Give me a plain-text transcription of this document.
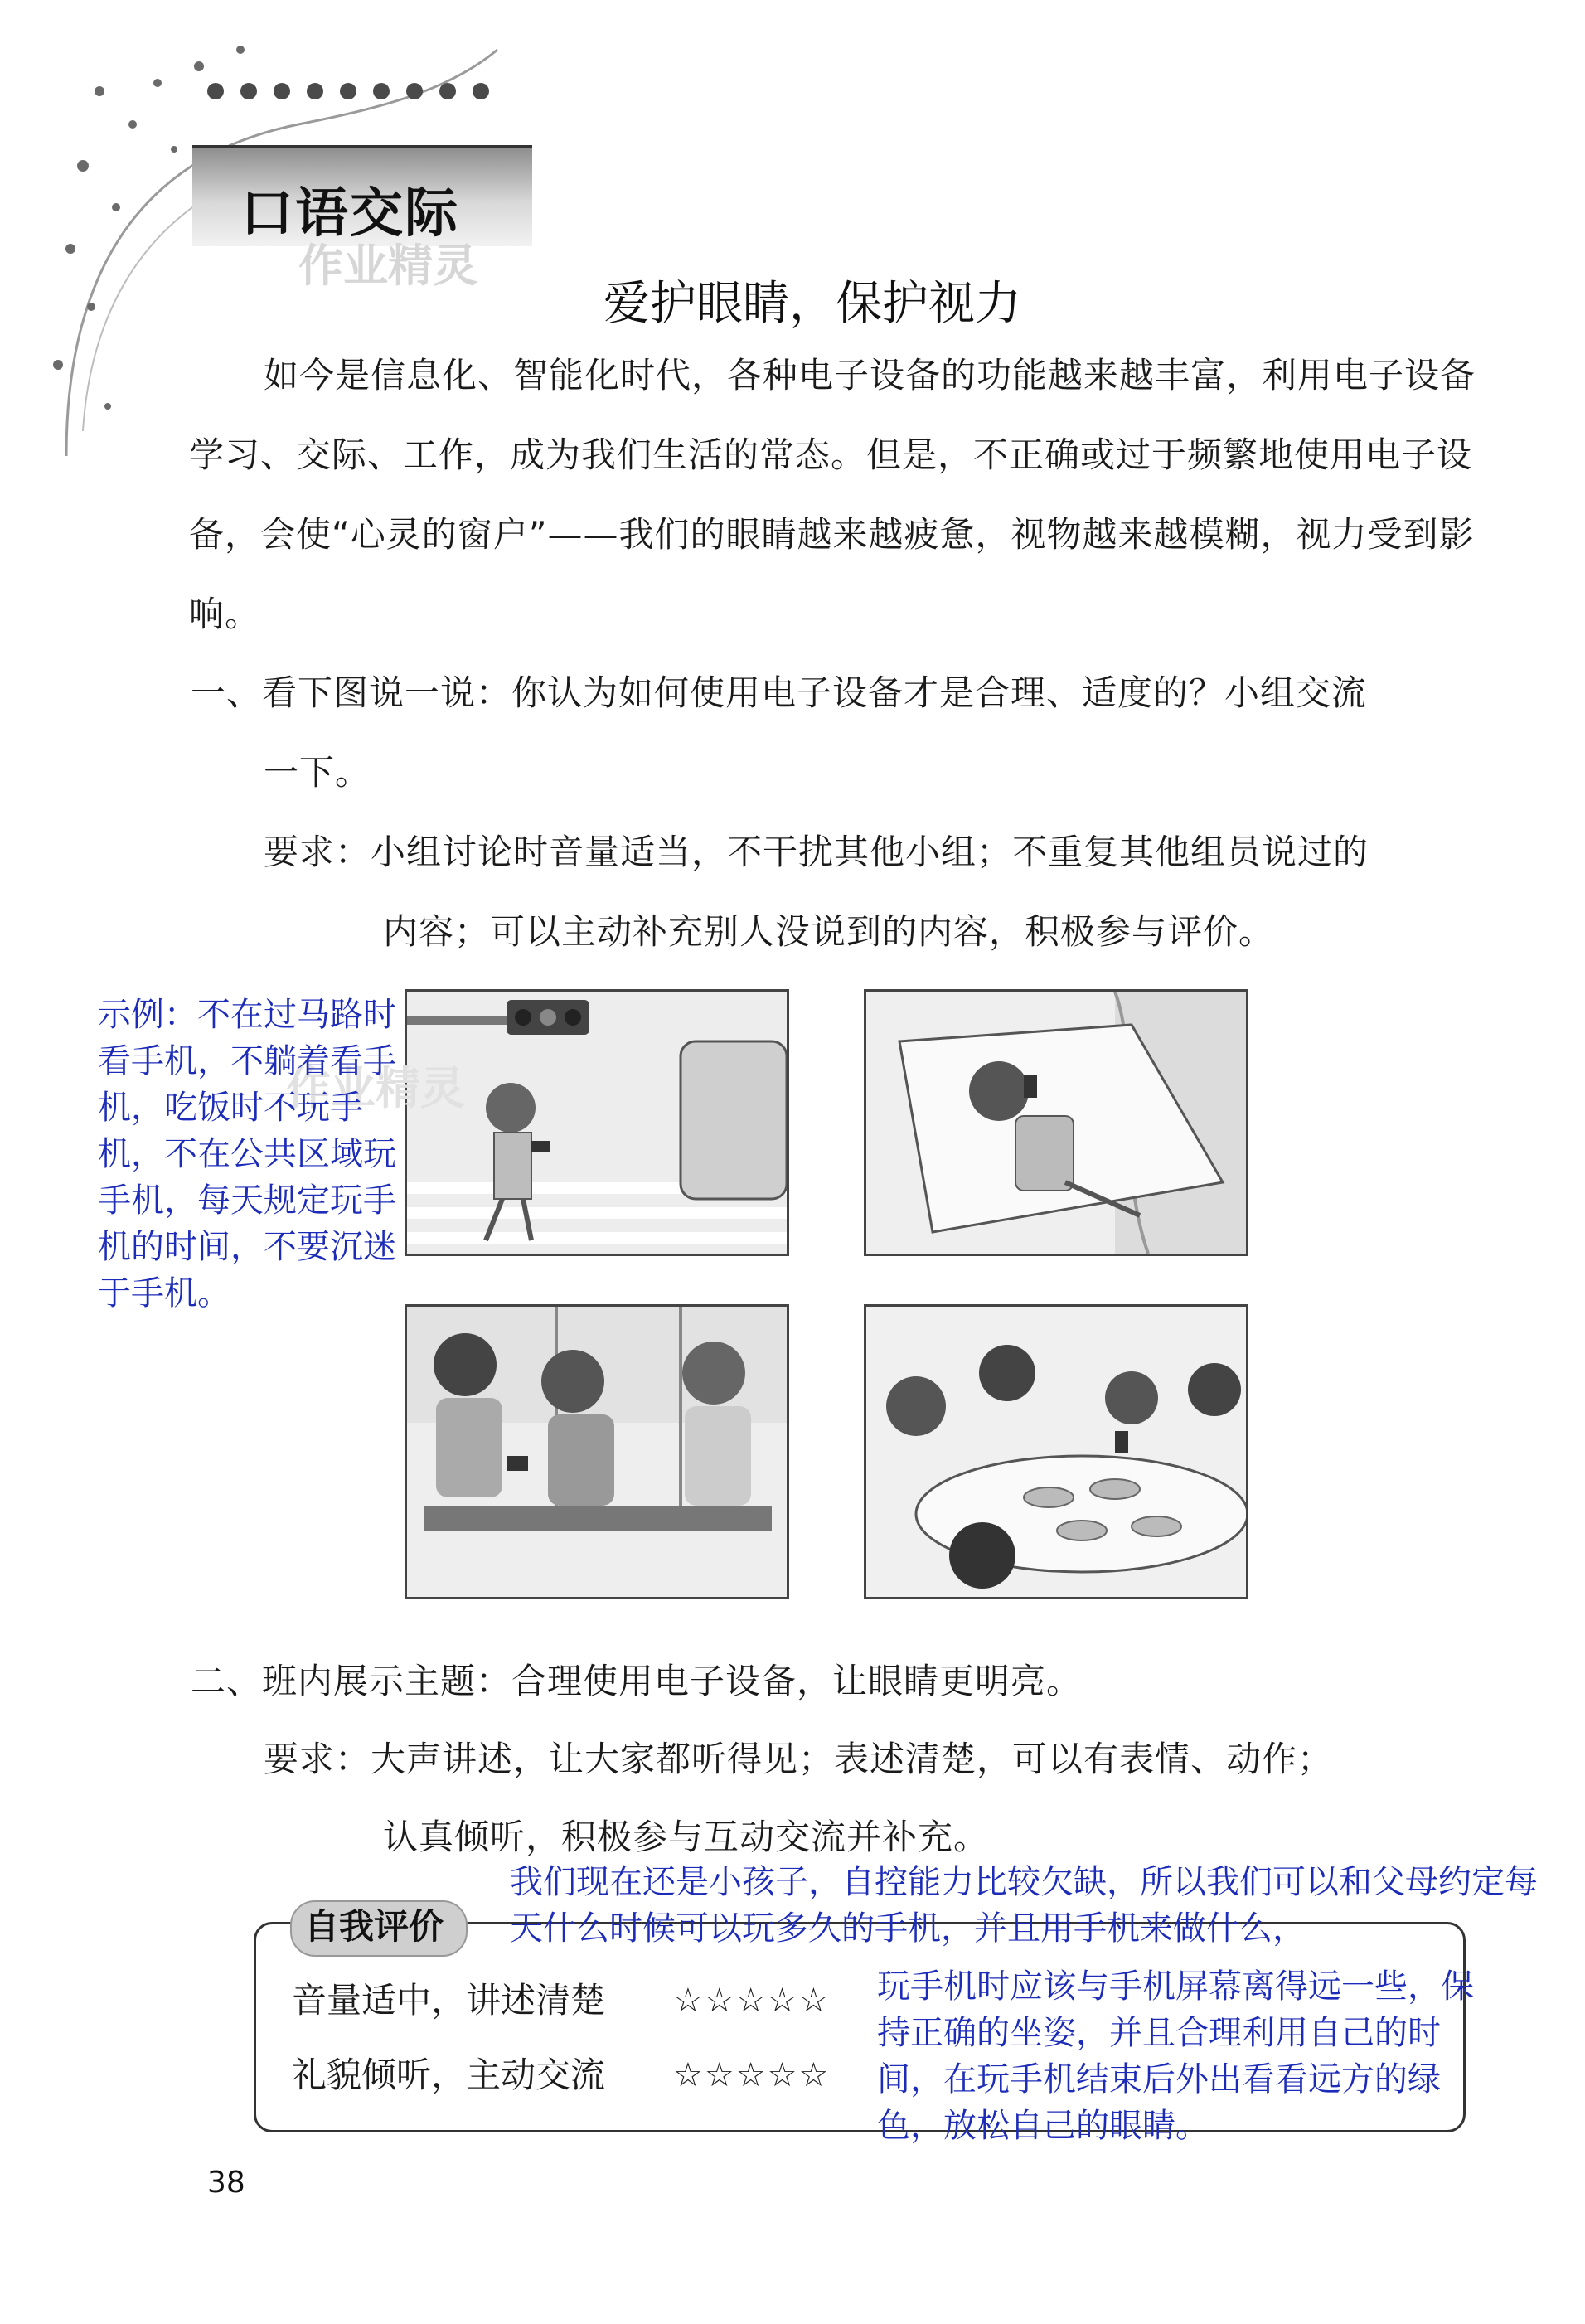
口语交际
作业精灵
爱护眼睛，保护视力
如今是信息化、智能化时代，各种电子设备的功能越来越丰富，利用电子设备学习、交际、工作，成为我们生活的常态。但是，不正确或过于频繁地使用电子设备，会使“心灵的窗户”——我们的眼睛越来越疲惫，视物越来越模糊，视力受到影响。
一、看下图说一说：你认为如何使用电子设备才是合理、适度的？小组交流
一下。
要求：小组讨论时音量适当，不干扰其他小组；不重复其他组员说过的
内容；可以主动补充别人没说到的内容，积极参与评价。
作业精灵
示例：不在过马路时看手机，不躺着看手机，吃饭时不玩手机，不在公共区域玩手机，每天规定玩手机的时间，不要沉迷于手机。
二、班内展示主题：合理使用电子设备，让眼睛更明亮。
要求：大声讲述，让大家都听得见；表述清楚，可以有表情、动作；
认真倾听，积极参与互动交流并补充。
自我评价
音量适中，讲述清楚 ☆☆☆☆☆
礼貌倾听，主动交流 ☆☆☆☆☆
我们现在还是小孩子，自控能力比较欠缺，所以我们可以和父母约定每天什么时候可以玩多久的手机，并且用手机来做什么，
玩手机时应该与手机屏幕离得远一些，保持正确的坐姿，并且合理利用自己的时间，在玩手机结束后外出看看远方的绿色，放松自己的眼睛。
38
